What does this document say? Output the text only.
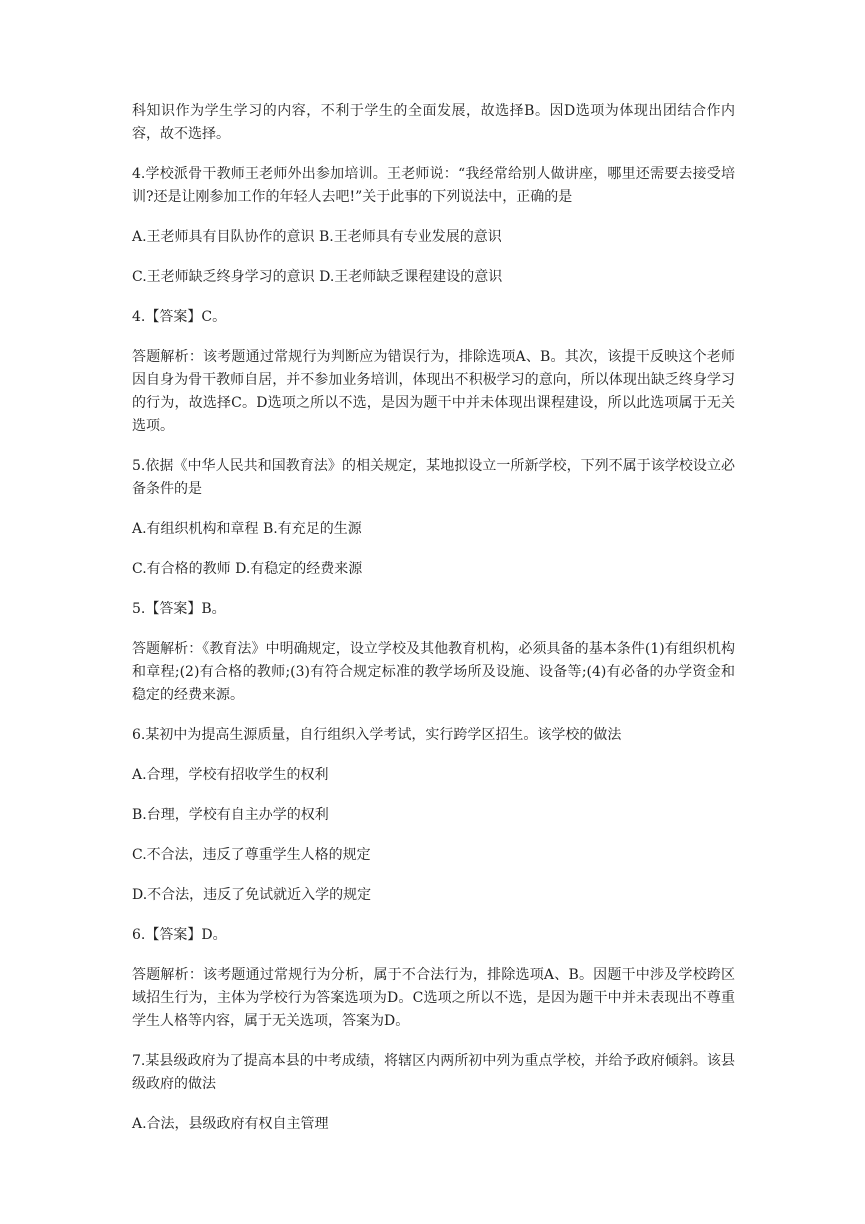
科知识作为学生学习的内容，不利于学生的全面发展，故选择B。因D选项为体现出团结合作内容，故不选择。

4.学校派骨干教师王老师外出参加培训。王老师说：“我经常给别人做讲座，哪里还需要去接受培训?还是让刚参加工作的年轻人去吧!”关于此事的下列说法中，正确的是

A.王老师具有目队协作的意识 B.王老师具有专业发展的意识

C.王老师缺乏终身学习的意识 D.王老师缺乏课程建设的意识

4.【答案】C。

答题解析：该考题通过常规行为判断应为错误行为，排除选项A、B。其次，该提干反映这个老师因自身为骨干教师自居，并不参加业务培训，体现出不积极学习的意向，所以体现出缺乏终身学习的行为，故选择C。D选项之所以不选，是因为题干中并未体现出课程建设，所以此选项属于无关选项。

5.依据《中华人民共和国教育法》的相关规定，某地拟设立一所新学校，下列不属于该学校设立必备条件的是

A.有组织机构和章程 B.有充足的生源

C.有合格的教师 D.有稳定的经费来源

5.【答案】B。

答题解析：《教育法》中明确规定，设立学校及其他教育机构，必须具备的基本条件(1)有组织机构和章程;(2)有合格的教师;(3)有符合规定标准的教学场所及设施、设备等;(4)有必备的办学资金和稳定的经费来源。

6.某初中为提高生源质量，自行组织入学考试，实行跨学区招生。该学校的做法

A.合理，学校有招收学生的权利

B.台理，学校有自主办学的权利

C.不合法，违反了尊重学生人格的规定

D.不合法，违反了免试就近入学的规定

6.【答案】D。

答题解析：该考题通过常规行为分析，属于不合法行为，排除选项A、B。因题干中涉及学校跨区域招生行为，主体为学校行为答案选项为D。C选项之所以不选，是因为题干中并未表现出不尊重学生人格等内容，属于无关选项，答案为D。

7.某县级政府为了提高本县的中考成绩，将辖区内两所初中列为重点学校，并给予政府倾斜。该县级政府的做法

A.合法，县级政府有权自主管理
